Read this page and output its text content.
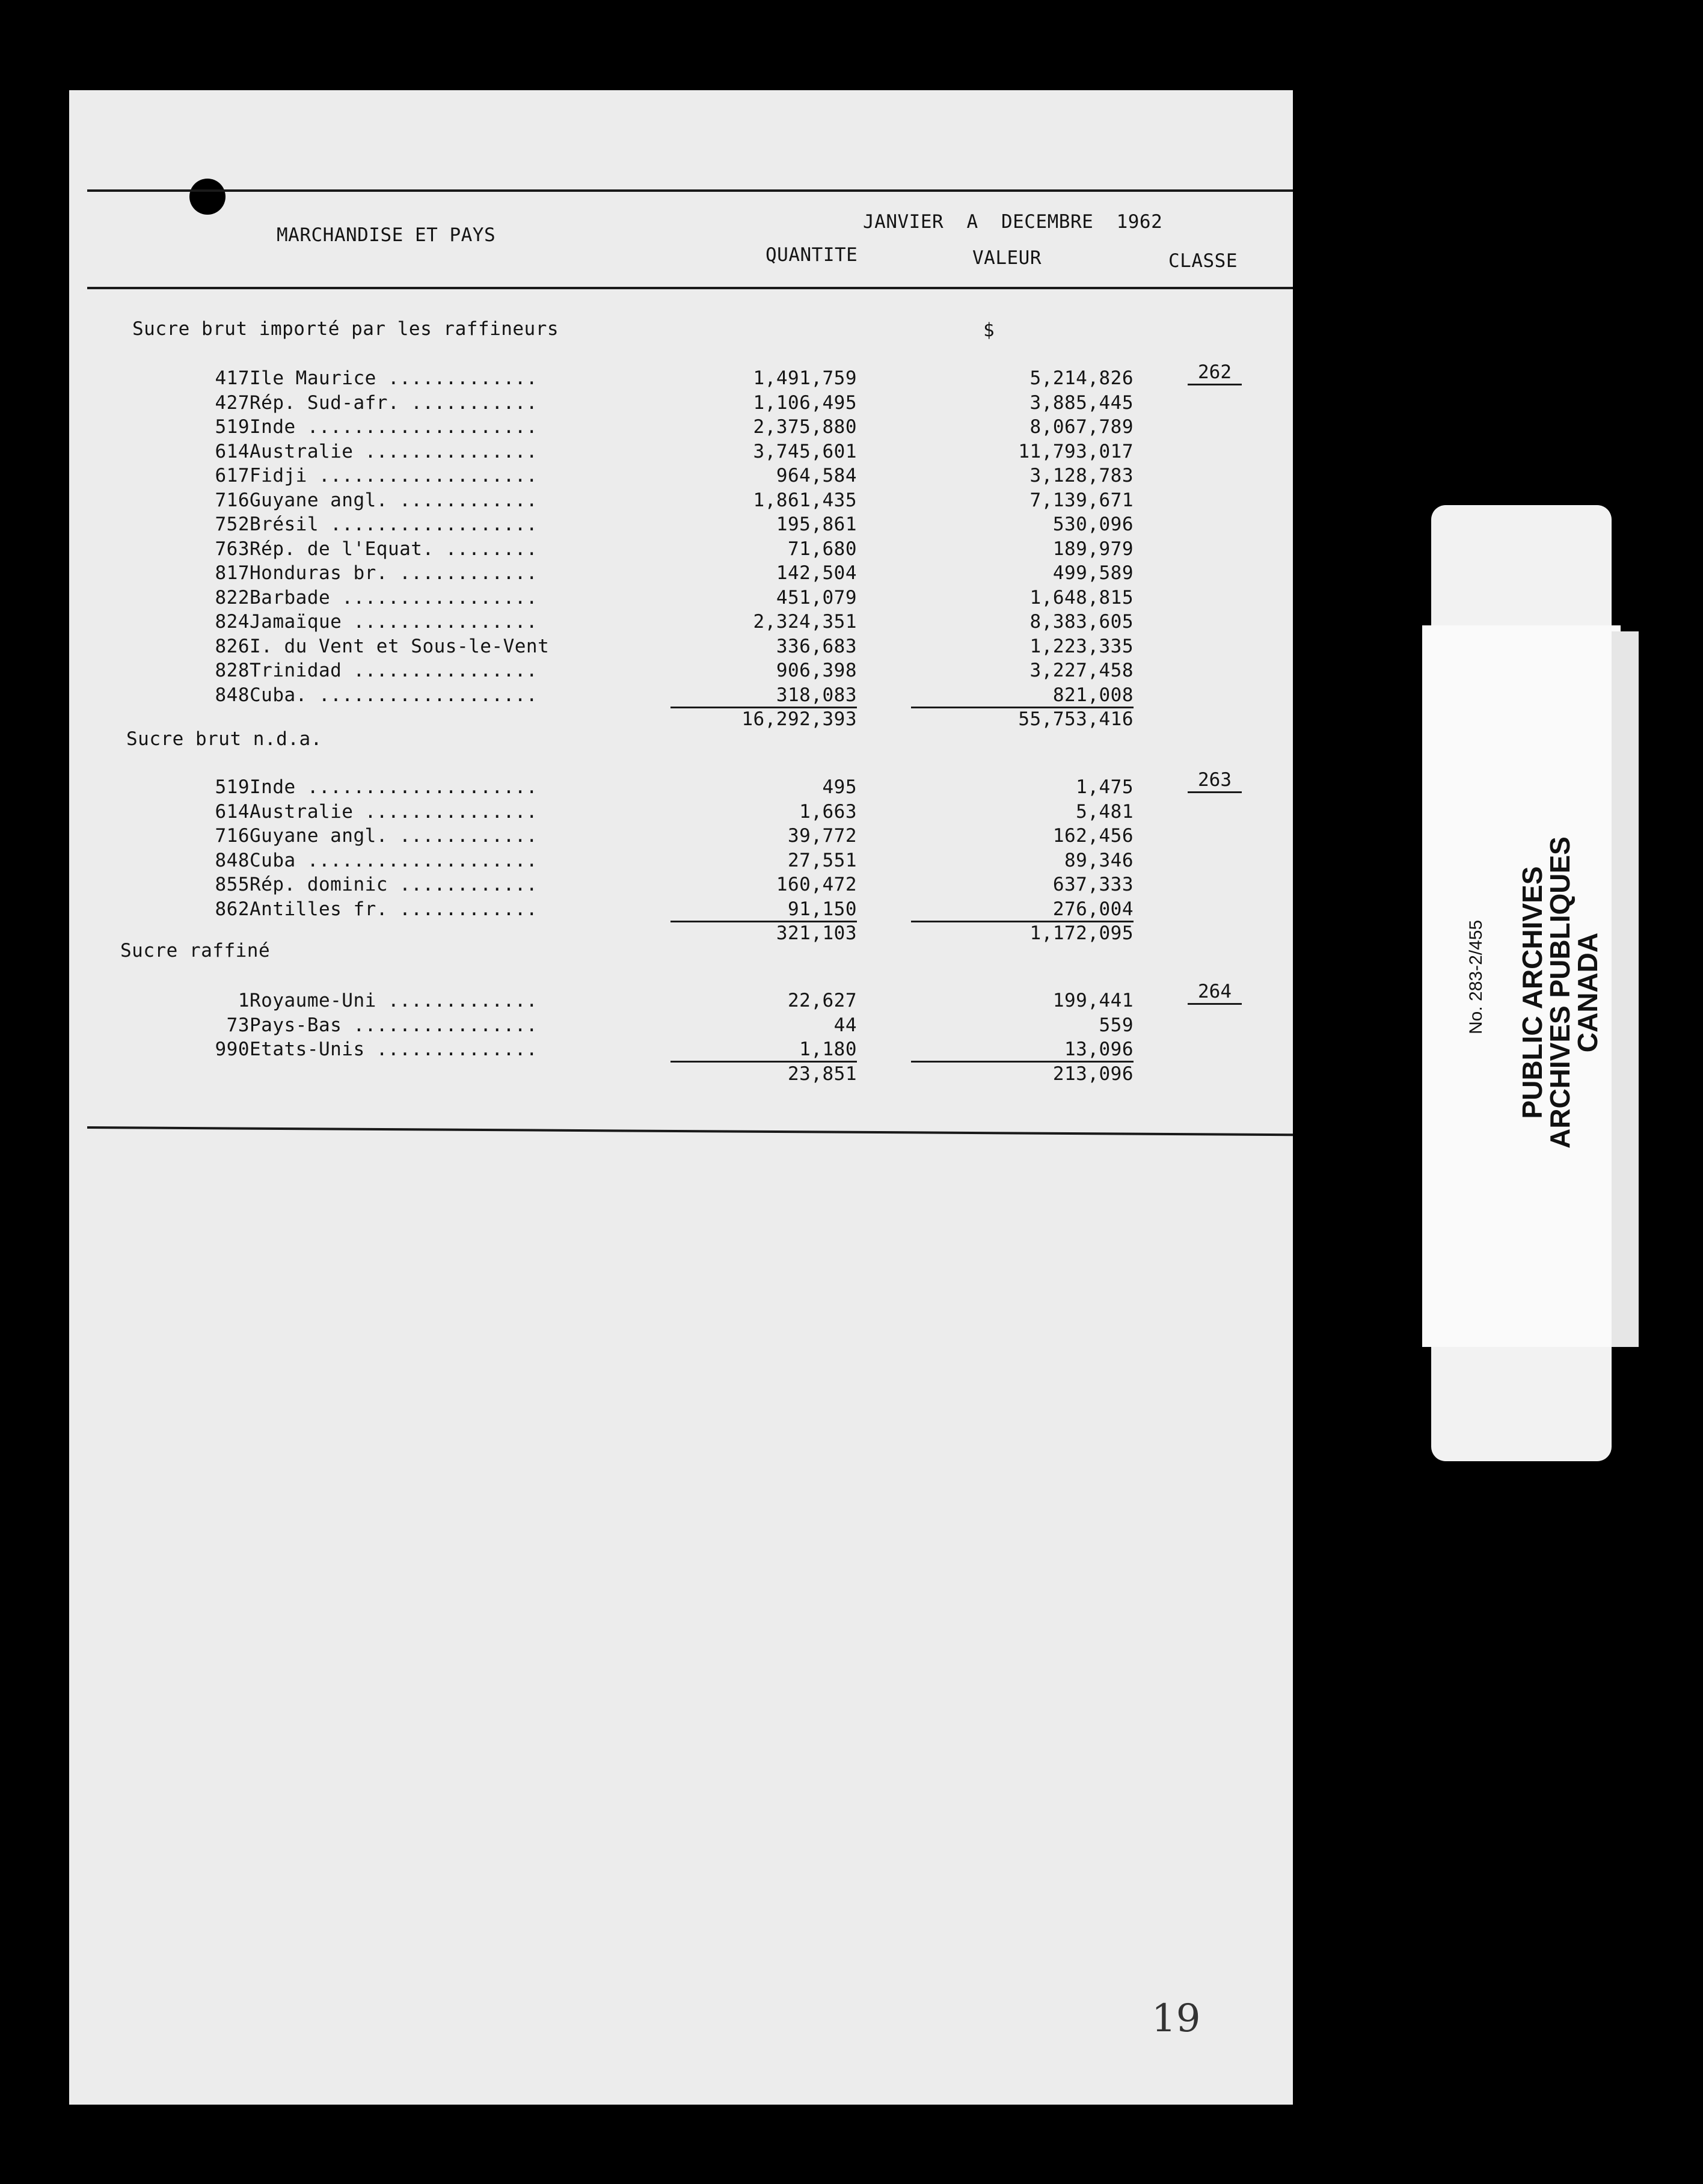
MARCHANDISE ET PAYS
JANVIER  A  DECEMBRE  1962
QUANTITE	VALEUR	CLASSE
$
Sucre brut importé par les raffineurs
262
417 Ile Maurice .............	1,491,759	5,214,826
427 Rép. Sud-afr. ...........	1,106,495	3,885,445
519 Inde ....................	2,375,880	8,067,789
614 Australie ...............	3,745,601	11,793,017
617 Fidji ...................	964,584	3,128,783
716 Guyane angl. ............	1,861,435	7,139,671
752 Brésil ..................	195,861	530,096
763 Rép. de l'Equat. ........	71,680	189,979
817 Honduras br. ............	142,504	499,589
822 Barbade .................	451,079	1,648,815
824 Jamaïque ................	2,324,351	8,383,605
826 I. du Vent et Sous-le-Vent	336,683	1,223,335
828 Trinidad ................	906,398	3,227,458
848 Cuba. ...................	318,083	821,008
16,292,393	55,753,416
Sucre brut n.d.a.
263
519 Inde ....................	495	1,475
614 Australie ...............	1,663	5,481
716 Guyane angl. ............	39,772	162,456
848 Cuba ....................	27,551	89,346
855 Rép. dominic ............	160,472	637,333
862 Antilles fr. ............	91,150	276,004
321,103	1,172,095
Sucre raffiné
264
1 Royaume-Uni .............	22,627	199,441
73 Pays-Bas ................	44	559
990 Etats-Unis ..............	1,180	13,096
23,851	213,096
19
No. 283-2/455 PUBLIC ARCHIVES
ARCHIVES PUBLIQUES
CANADA
